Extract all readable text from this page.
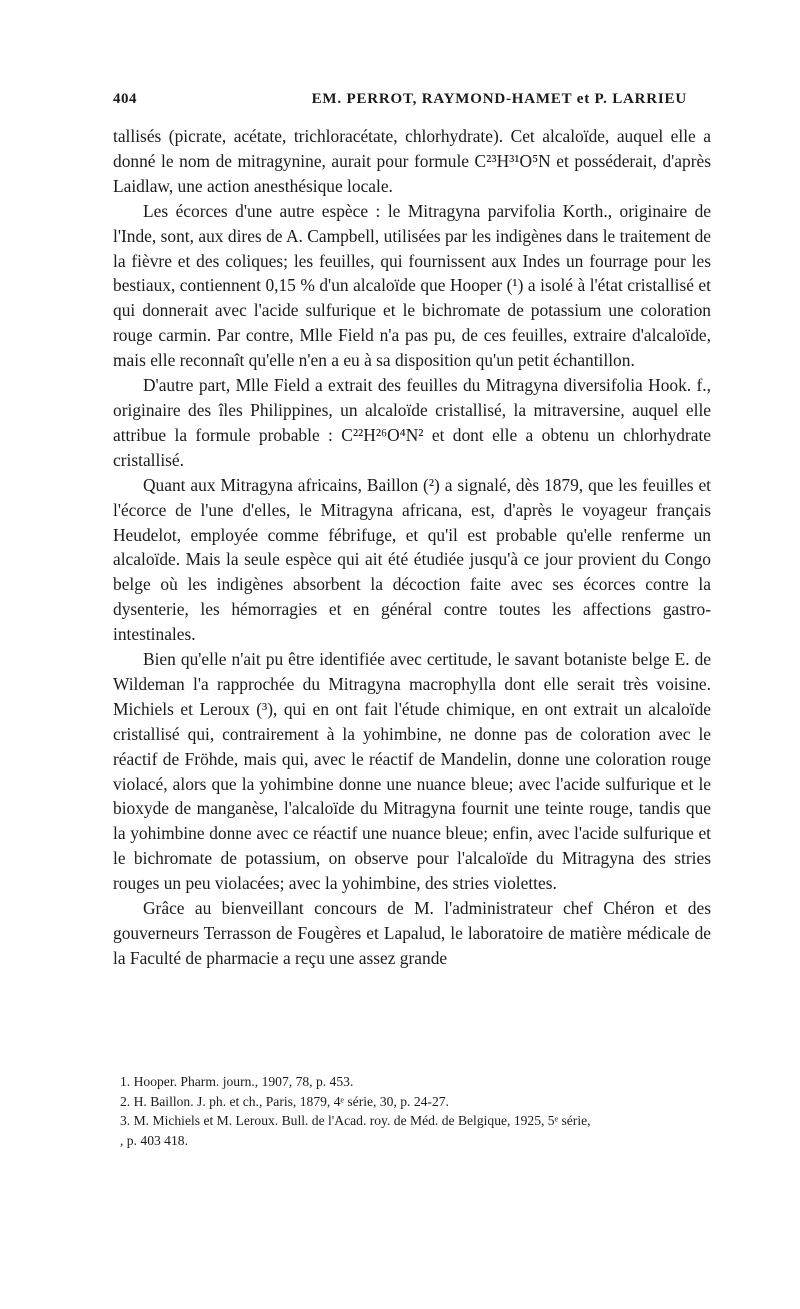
404	EM. PERROT, RAYMOND-HAMET et P. LARRIEU

tallisés (picrate, acétate, trichloracétate, chlorhydrate). Cet alcaloïde, auquel elle a donné le nom de mitragynine, aurait pour formule C²³H³¹O⁵N et posséderait, d'après Laidlaw, une action anesthésique locale.

Les écorces d'une autre espèce : le Mitragyna parvifolia Korth., originaire de l'Inde, sont, aux dires de A. Campbell, utilisées par les indigènes dans le traitement de la fièvre et des coliques; les feuilles, qui fournissent aux Indes un fourrage pour les bestiaux, contiennent 0,15 % d'un alcaloïde que Hooper (¹) a isolé à l'état cristallisé et qui donnerait avec l'acide sulfurique et le bichromate de potassium une coloration rouge carmin. Par contre, Mlle Field n'a pas pu, de ces feuilles, extraire d'alcaloïde, mais elle reconnaît qu'elle n'en a eu à sa disposition qu'un petit échantillon.

D'autre part, Mlle Field a extrait des feuilles du Mitragyna diversifolia Hook. f., originaire des îles Philippines, un alcaloïde cristallisé, la mitraversine, auquel elle attribue la formule probable : C²²H²⁶O⁴N² et dont elle a obtenu un chlorhydrate cristallisé.

Quant aux Mitragyna africains, Baillon (²) a signalé, dès 1879, que les feuilles et l'écorce de l'une d'elles, le Mitragyna africana, est, d'après le voyageur français Heudelot, employée comme fébrifuge, et qu'il est probable qu'elle renferme un alcaloïde. Mais la seule espèce qui ait été étudiée jusqu'à ce jour provient du Congo belge où les indigènes absorbent la décoction faite avec ses écorces contre la dysenterie, les hémorragies et en général contre toutes les affections gastro-intestinales.

Bien qu'elle n'ait pu être identifiée avec certitude, le savant botaniste belge E. de Wildeman l'a rapprochée du Mitragyna macrophylla dont elle serait très voisine. Michiels et Leroux (³), qui en ont fait l'étude chimique, en ont extrait un alcaloïde cristallisé qui, contrairement à la yohimbine, ne donne pas de coloration avec le réactif de Fröhde, mais qui, avec le réactif de Mandelin, donne une coloration rouge violacé, alors que la yohimbine donne une nuance bleue; avec l'acide sulfurique et le bioxyde de manganèse, l'alcaloïde du Mitragyna fournit une teinte rouge, tandis que la yohimbine donne avec ce réactif une nuance bleue; enfin, avec l'acide sulfurique et le bichromate de potassium, on observe pour l'alcaloïde du Mitragyna des stries rouges un peu violacées; avec la yohimbine, des stries violettes.

Grâce au bienveillant concours de M. l'administrateur chef Chéron et des gouverneurs Terrasson de Fougères et Lapalud, le laboratoire de matière médicale de la Faculté de pharmacie a reçu une assez grande

1. Hooper. Pharm. journ., 1907, 78, p. 453.

2. H. Baillon. J. ph. et ch., Paris, 1879, 4ᵉ série, 30, p. 24-27.

3. M. Michiels et M. Leroux. Bull. de l'Acad. roy. de Méd. de Belgique, 1925, 5ᵉ série,

, p. 403 418.
